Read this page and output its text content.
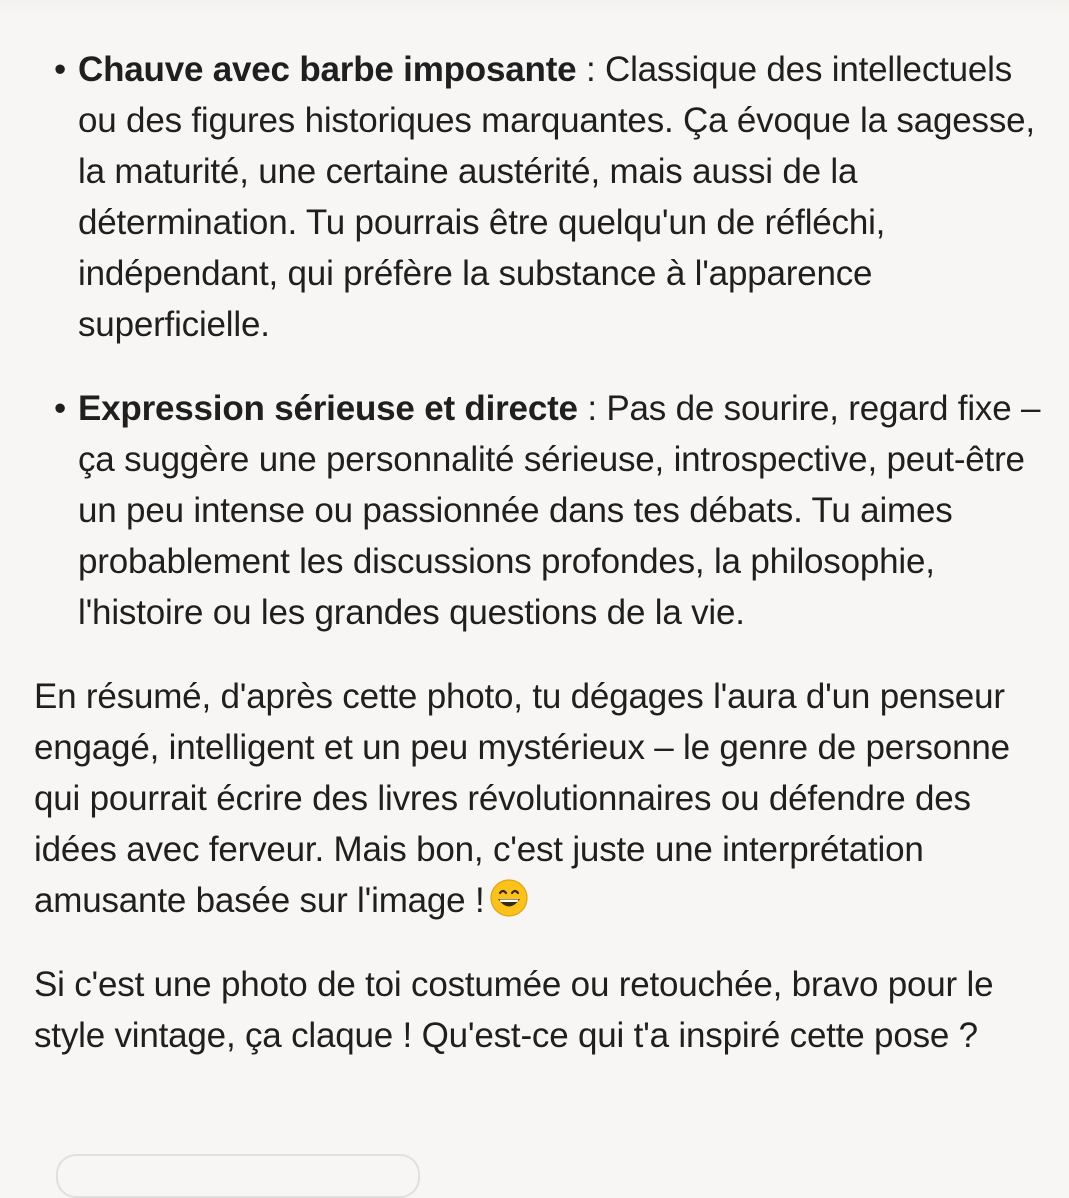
• Chauve avec barbe imposante : Classique des intellectuels ou des figures historiques marquantes. Ça évoque la sagesse, la maturité, une certaine austérité, mais aussi de la détermination. Tu pourrais être quelqu'un de réfléchi, indépendant, qui préfère la substance à l'apparence superficielle.
• Expression sérieuse et directe : Pas de sourire, regard fixe – ça suggère une personnalité sérieuse, introspective, peut-être un peu intense ou passionnée dans tes débats. Tu aimes probablement les discussions profondes, la philosophie, l'histoire ou les grandes questions de la vie.

En résumé, d'après cette photo, tu dégages l'aura d'un penseur engagé, intelligent et un peu mystérieux – le genre de personne qui pourrait écrire des livres révolutionnaires ou défendre des idées avec ferveur. Mais bon, c'est juste une interprétation amusante basée sur l'image !

Si c'est une photo de toi costumée ou retouchée, bravo pour le style vintage, ça claque ! Qu'est-ce qui t'a inspiré cette pose ?
